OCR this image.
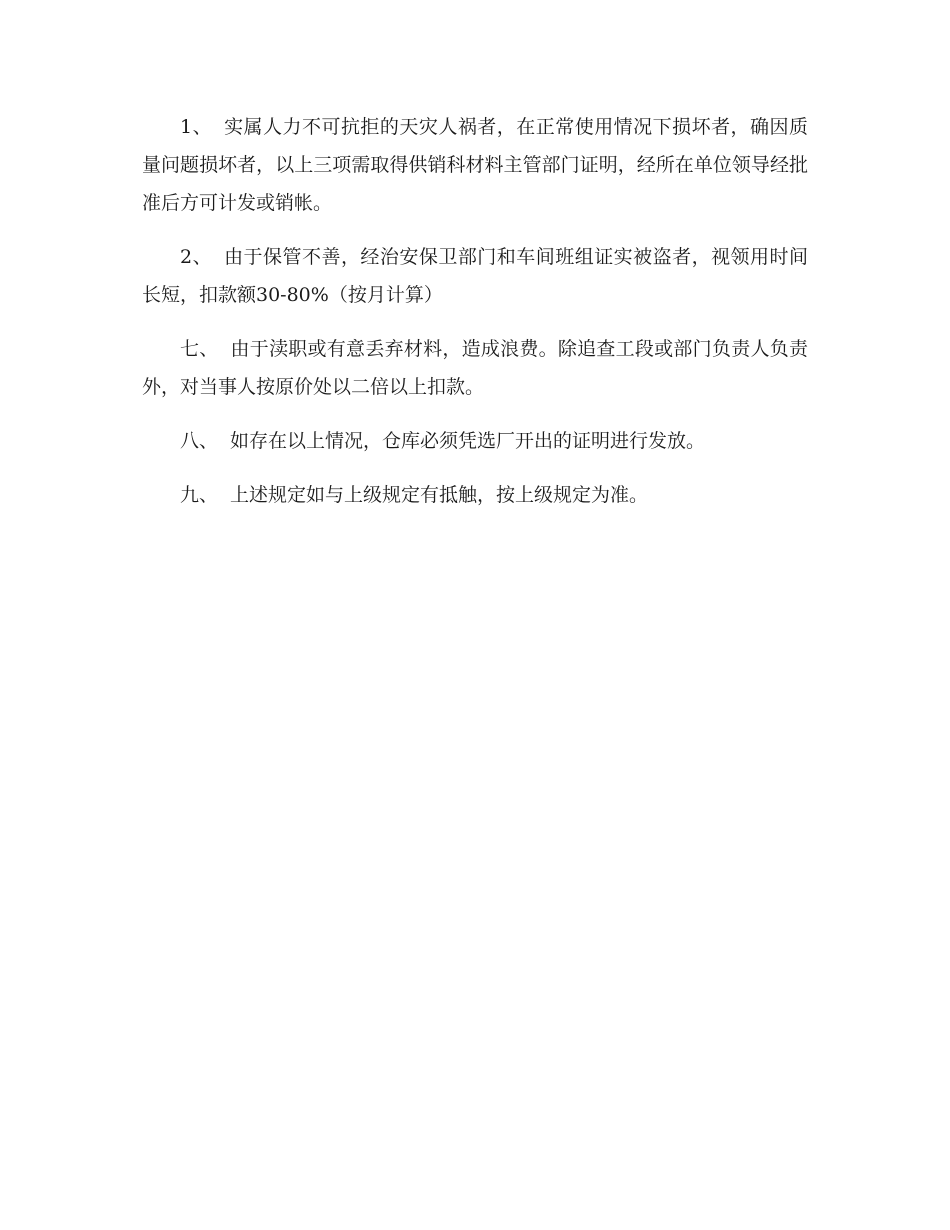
1、 实属人力不可抗拒的天灾人祸者，在正常使用情况下损坏者，确因质量问题损坏者，以上三项需取得供销科材料主管部门证明，经所在单位领导经批准后方可计发或销帐。

2、 由于保管不善，经治安保卫部门和车间班组证实被盗者，视领用时间长短，扣款额30-80%（按月计算）

七、 由于渎职或有意丢弃材料，造成浪费。除追查工段或部门负责人负责外，对当事人按原价处以二倍以上扣款。

八、 如存在以上情况，仓库必须凭选厂开出的证明进行发放。

九、 上述规定如与上级规定有抵触，按上级规定为准。
